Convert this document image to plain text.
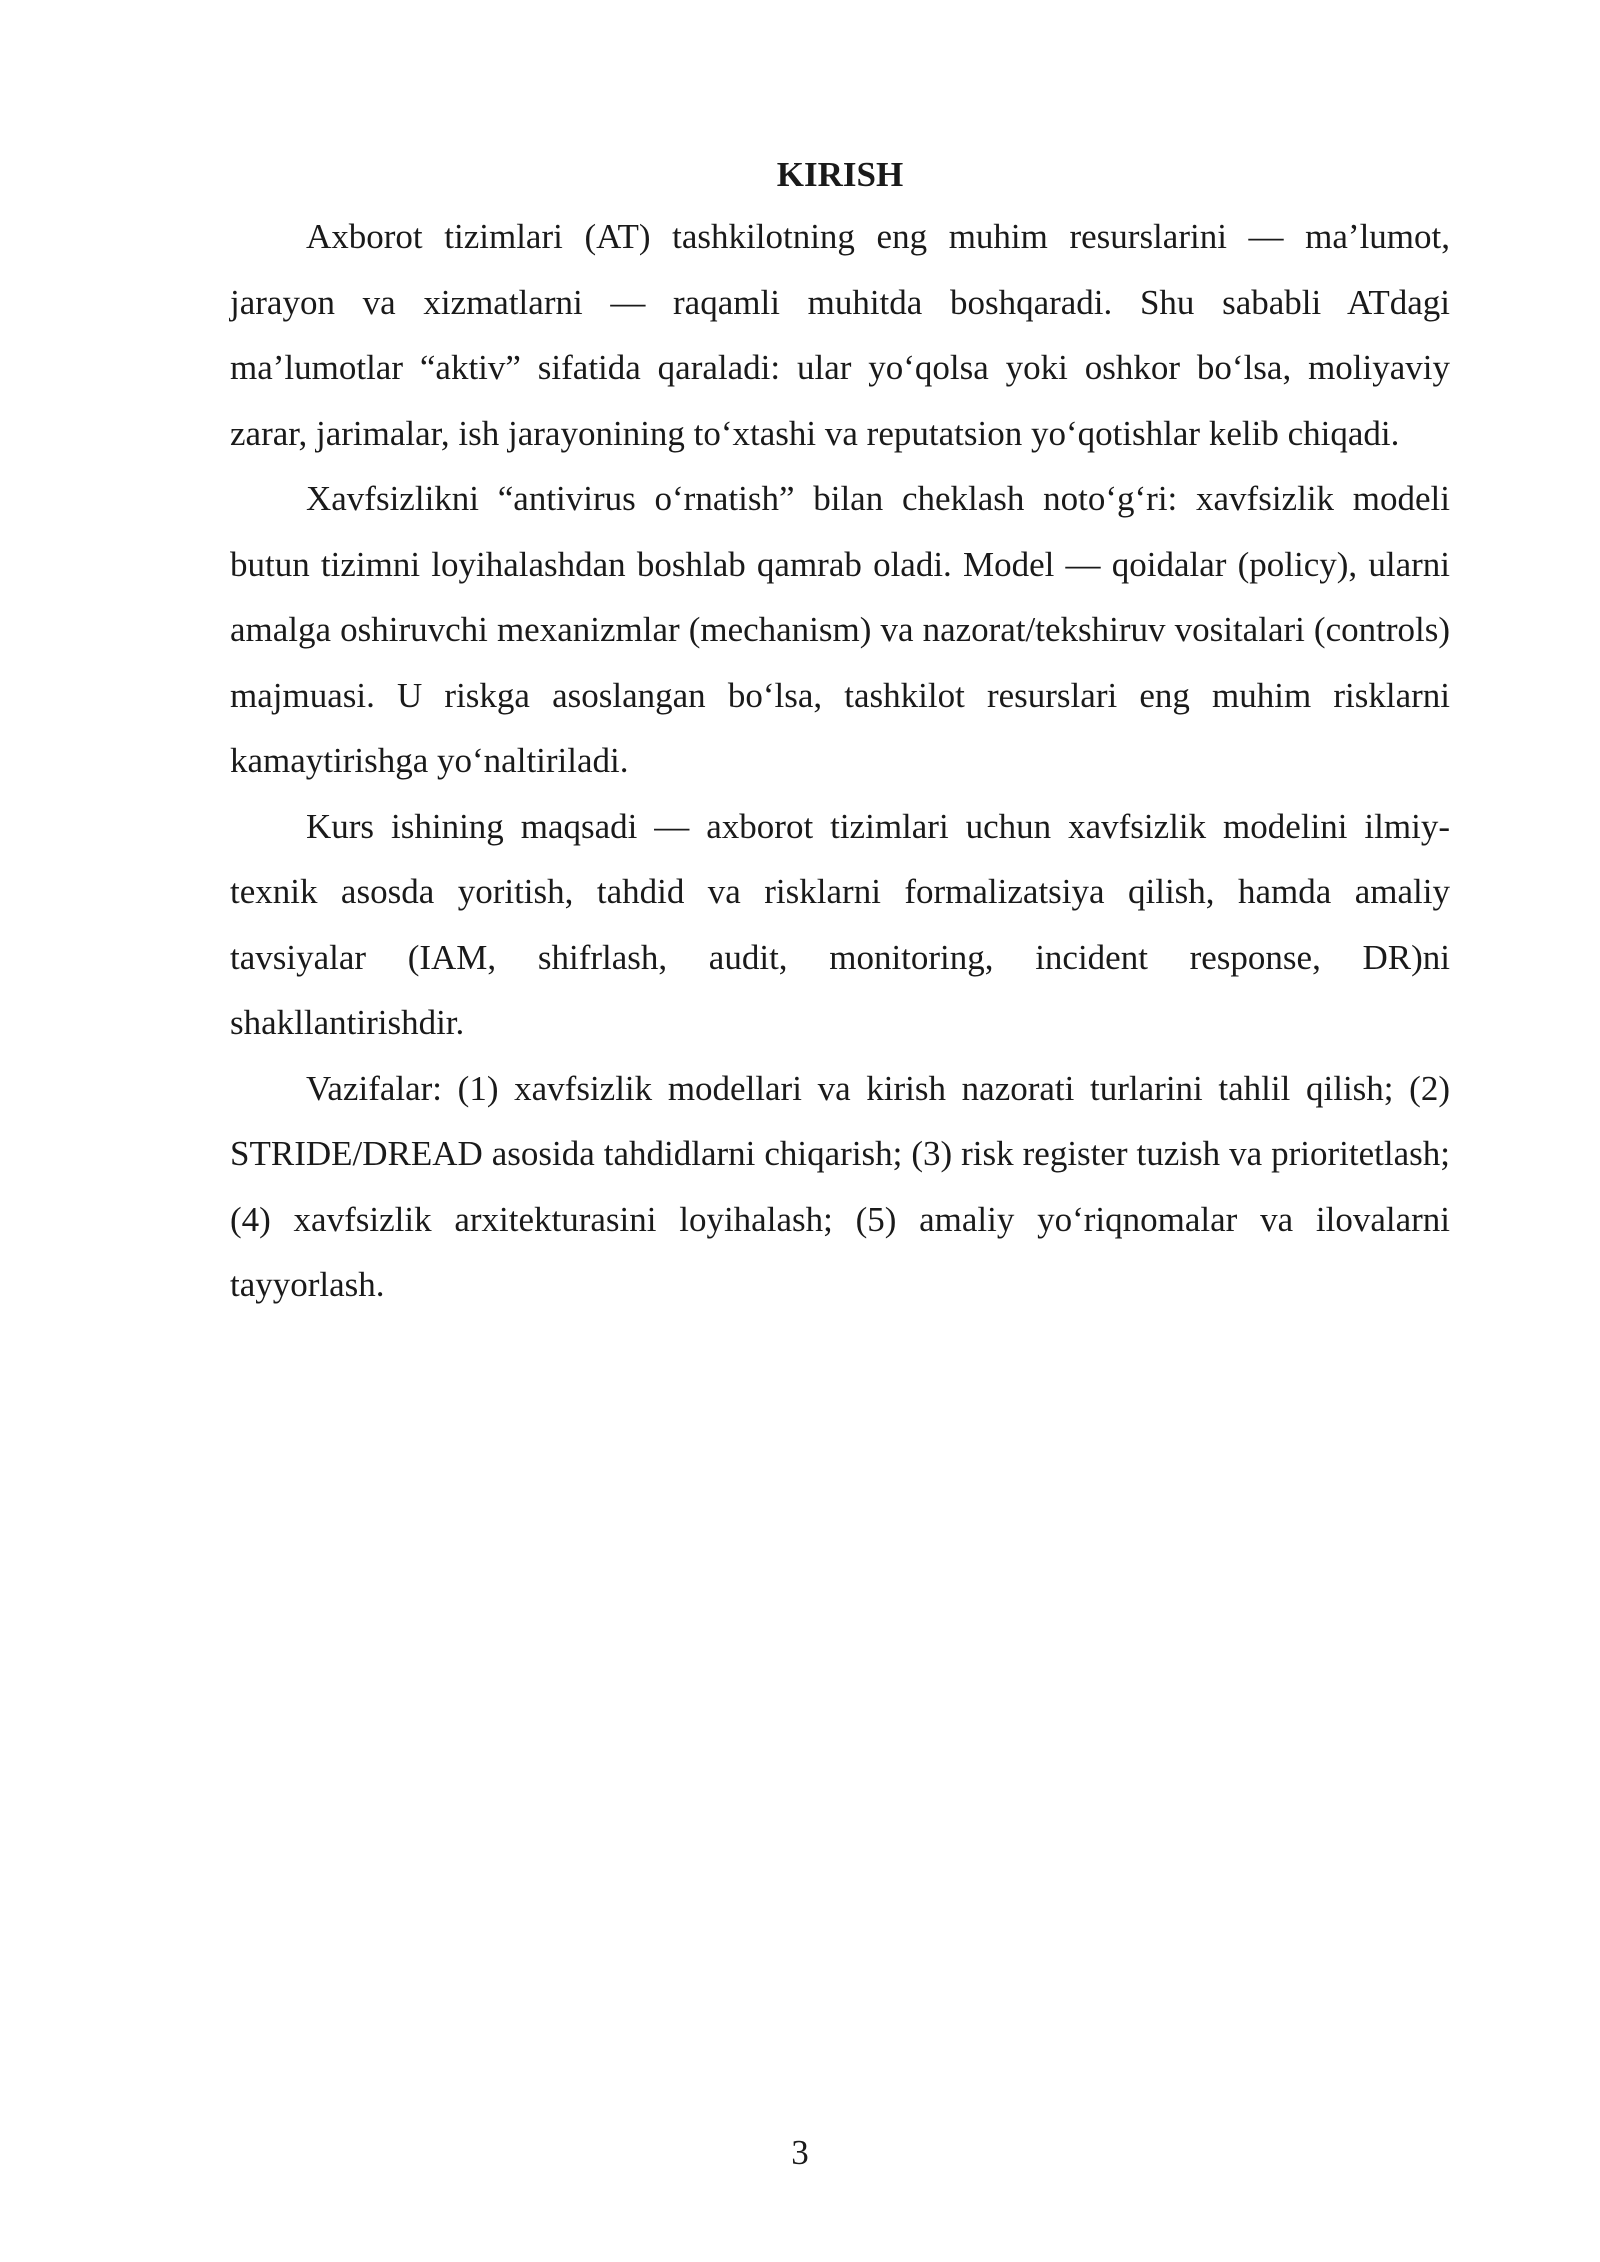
KIRISH

Axborot tizimlari (AT) tashkilotning eng muhim resurslarini — ma’lumot, jarayon va xizmatlarni — raqamli muhitda boshqaradi. Shu sababli ATdagi ma’lumotlar “aktiv” sifatida qaraladi: ular yo‘qolsa yoki oshkor bo‘lsa, moliyaviy zarar, jarimalar, ish jarayonining to‘xtashi va reputatsion yo‘qotishlar kelib chiqadi.

Xavfsizlikni “antivirus o‘rnatish” bilan cheklash noto‘g‘ri: xavfsizlik modeli butun tizimni loyihalashdan boshlab qamrab oladi. Model — qoidalar (policy), ularni amalga oshiruvchi mexanizmlar (mechanism) va nazorat/tekshiruv vositalari (controls) majmuasi. U riskga asoslangan bo‘lsa, tashkilot resurslari eng muhim risklarni kamaytirishga yo‘naltiriladi.

Kurs ishining maqsadi — axborot tizimlari uchun xavfsizlik modelini ilmiy-texnik asosda yoritish, tahdid va risklarni formalizatsiya qilish, hamda amaliy tavsiyalar (IAM, shifrlash, audit, monitoring, incident response, DR)ni shakllantirishdir.

Vazifalar: (1) xavfsizlik modellari va kirish nazorati turlarini tahlil qilish; (2) STRIDE/DREAD asosida tahdidlarni chiqarish; (3) risk register tuzish va prioritetlash; (4) xavfsizlik arxitekturasini loyihalash; (5) amaliy yo‘riqnomalar va ilovalarni tayyorlash.

3
